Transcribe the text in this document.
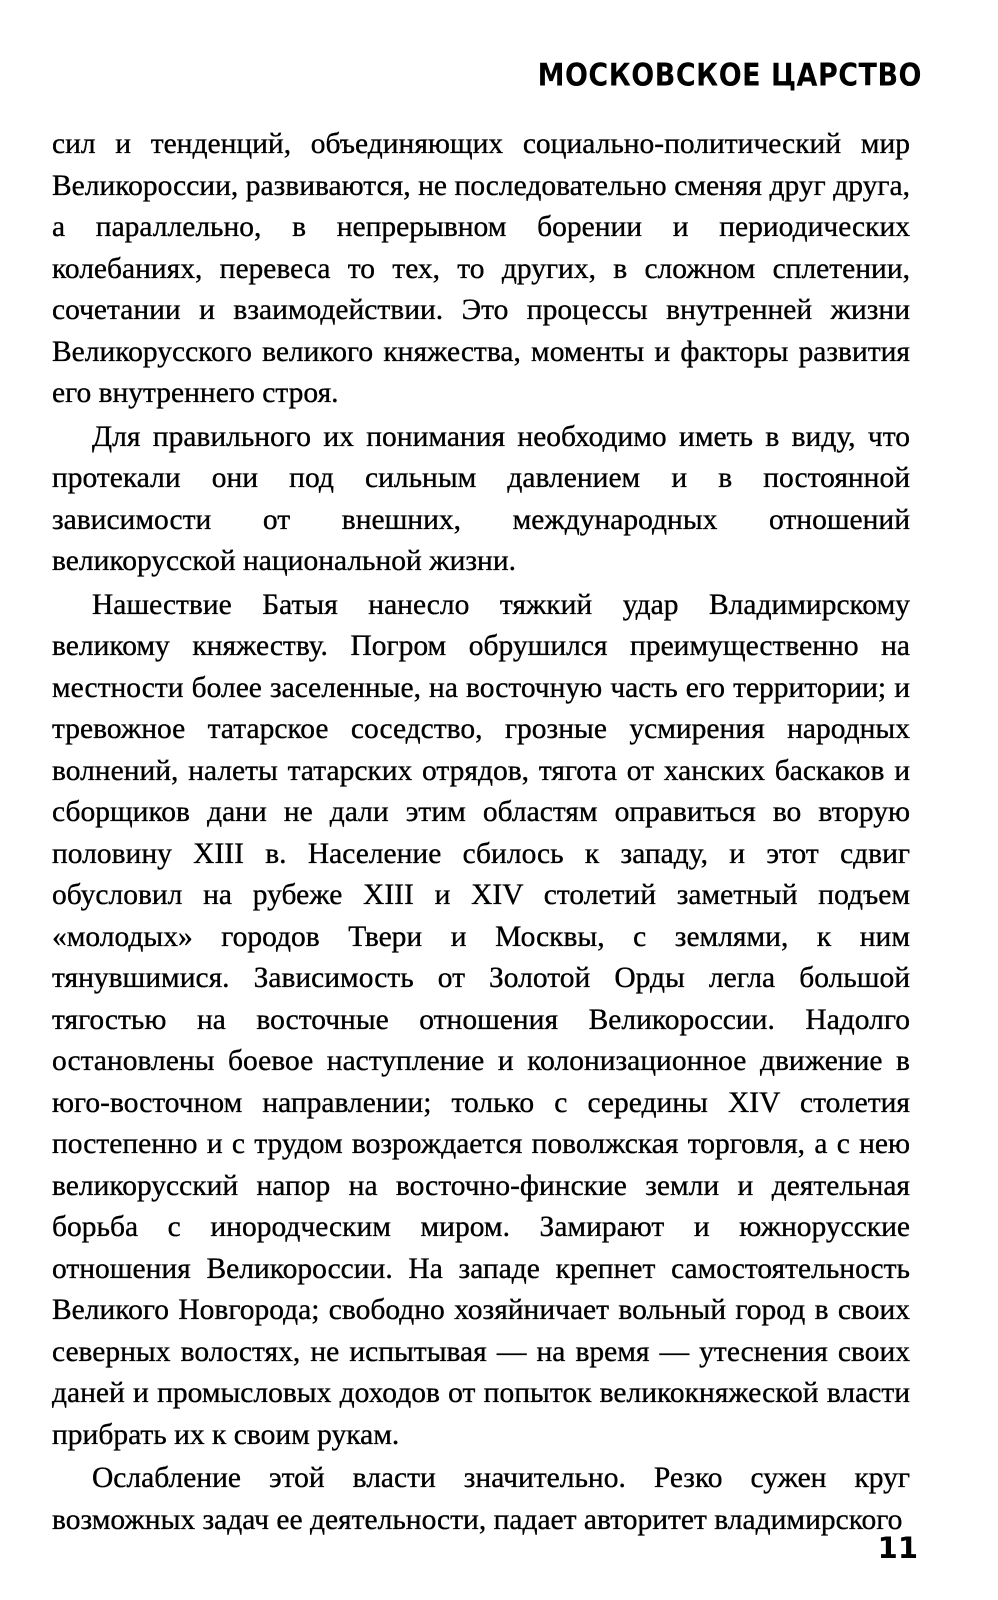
МОСКОВСКОЕ ЦАРСТВО

сил и тенденций, объединяющих социально-политический мир Великороссии, развиваются, не последовательно сменяя друг друга, а параллельно, в непрерывном борении и периодических колебаниях, перевеса то тех, то других, в сложном сплетении, сочетании и взаимодействии. Это процессы внутренней жизни Великорусского великого княжества, моменты и факторы развития его внутреннего строя.

Для правильного их понимания необходимо иметь в виду, что протекали они под сильным давлением и в постоянной зависимости от внешних, международных отношений великорусской национальной жизни.

Нашествие Батыя нанесло тяжкий удар Владимирскому великому княжеству. Погром обрушился преимущественно на местности более заселенные, на восточную часть его территории; и тревожное татарское соседство, грозные усмирения народных волнений, налеты татарских отрядов, тягота от ханских баскаков и сборщиков дани не дали этим областям оправиться во вторую половину XIII в. Население сбилось к западу, и этот сдвиг обусловил на рубеже XIII и XIV столетий заметный подъем «молодых» городов Твери и Москвы, с землями, к ним тянувшимися. Зависимость от Золотой Орды легла большой тягостью на восточные отношения Великороссии. Надолго остановлены боевое наступление и колонизационное движение в юго-восточном направлении; только с середины XIV столетия постепенно и с трудом возрождается поволжская торговля, а с нею великорусский напор на восточно-финские земли и деятельная борьба с инородческим миром. Замирают и южнорусские отношения Великороссии. На западе крепнет самостоятельность Великого Новгорода; свободно хозяйничает вольный город в своих северных волостях, не испытывая — на время — утеснения своих даней и промысловых доходов от попыток великокняжеской власти прибрать их к своим рукам.

Ослабление этой власти значительно. Резко сужен круг возможных задач ее деятельности, падает авторитет владимирского

11
